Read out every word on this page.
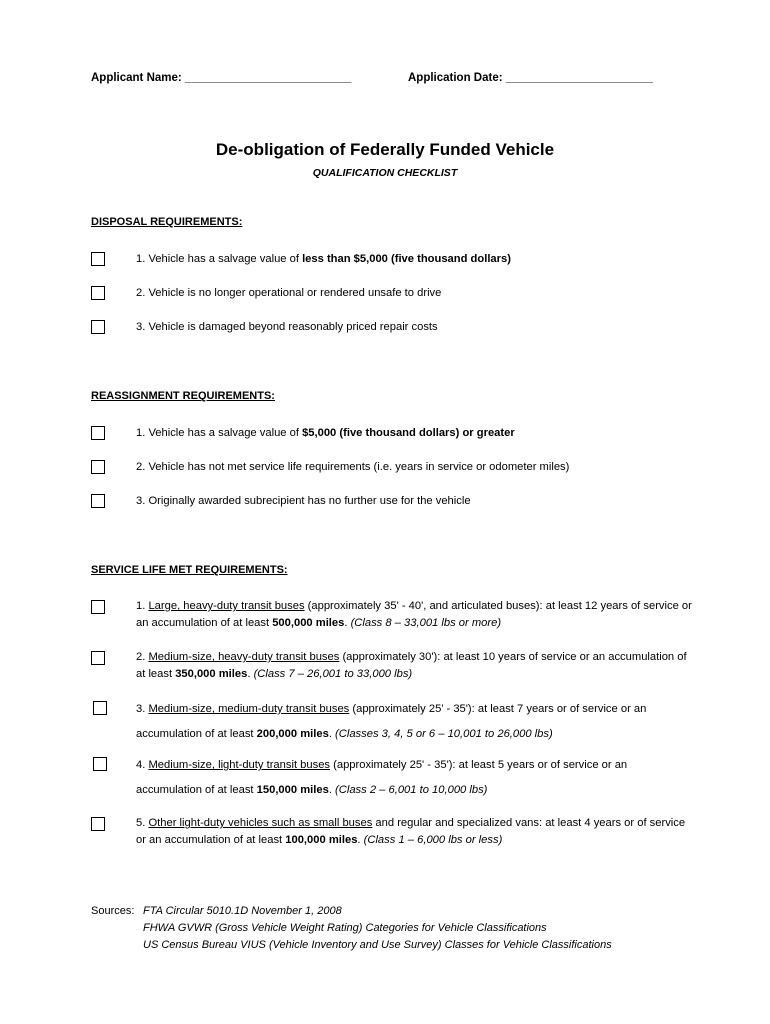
Applicant Name: __________________________	Application Date: _______________________
De-obligation of Federally Funded Vehicle
QUALIFICATION CHECKLIST
DISPOSAL REQUIREMENTS:
1. Vehicle has a salvage value of less than $5,000 (five thousand dollars)
2. Vehicle is no longer operational or rendered unsafe to drive
3. Vehicle is damaged beyond reasonably priced repair costs
REASSIGNMENT REQUIREMENTS:
1. Vehicle has a salvage value of $5,000 (five thousand dollars) or greater
2. Vehicle has not met service life requirements (i.e. years in service or odometer miles)
3. Originally awarded subrecipient has no further use for the vehicle
SERVICE LIFE MET REQUIREMENTS:
1. Large, heavy-duty transit buses (approximately 35' - 40', and articulated buses): at least 12 years of service or an accumulation of at least 500,000 miles. (Class 8 – 33,001 lbs or more)
2. Medium-size, heavy-duty transit buses (approximately 30'): at least 10 years of service or an accumulation of at least 350,000 miles. (Class 7 – 26,001 to 33,000 lbs)
3. Medium-size, medium-duty transit buses (approximately 25’ - 35'): at least 7 years or of service or an accumulation of at least 200,000 miles. (Classes 3, 4, 5 or 6 – 10,001 to 26,000 lbs)
4. Medium-size, light-duty transit buses (approximately 25' - 35'): at least 5 years or of service or an accumulation of at least 150,000 miles. (Class 2 – 6,001 to 10,000 lbs)
5. Other light-duty vehicles such as small buses and regular and specialized vans: at least 4 years or of service or an accumulation of at least 100,000 miles. (Class 1 – 6,000 lbs or less)
Sources: FTA Circular 5010.1D November 1, 2008
FHWA GVWR (Gross Vehicle Weight Rating) Categories for Vehicle Classifications
US Census Bureau VIUS (Vehicle Inventory and Use Survey) Classes for Vehicle Classifications
